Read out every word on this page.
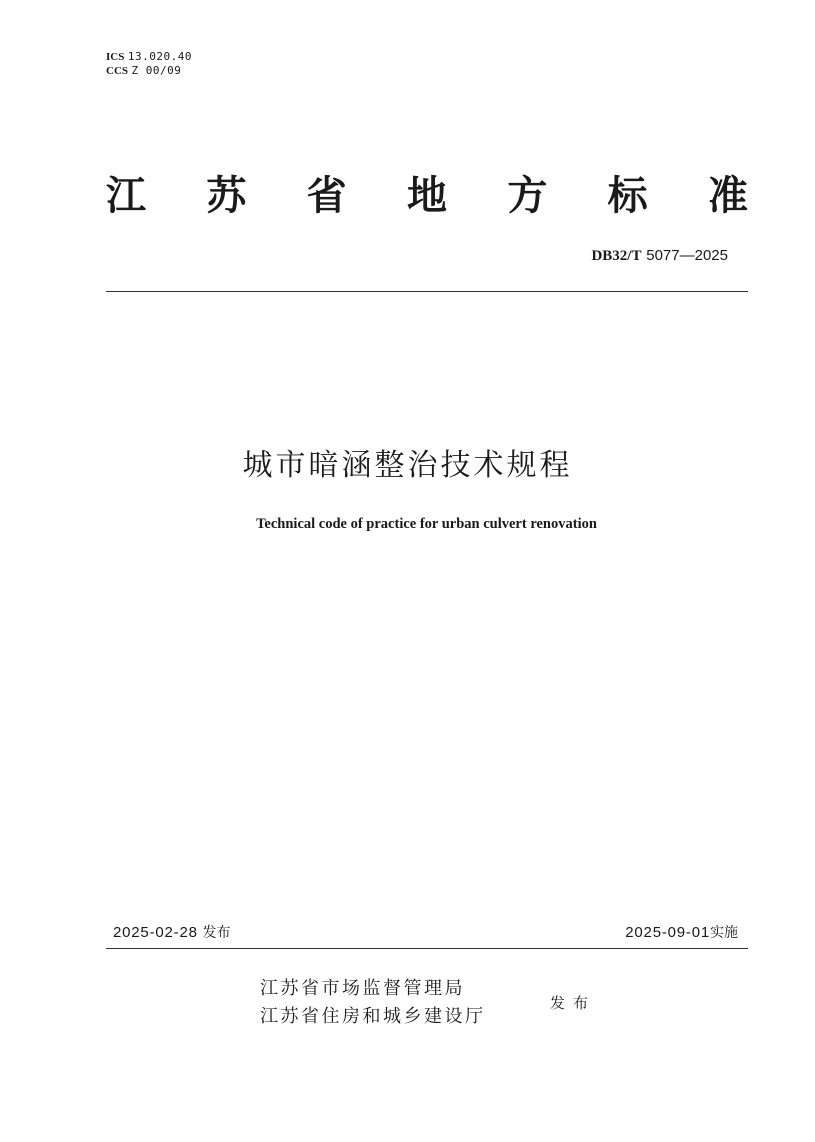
ICS 13.020.40
CCS Z 00/09
江 苏 省 地 方 标 准
DB32/T 5077—2025
城市暗涵整治技术规程
Technical code of practice for urban culvert renovation
2025-02-28 发布	2025-09-01实施
江苏省市场监督管理局
江苏省住房和城乡建设厅
发布
